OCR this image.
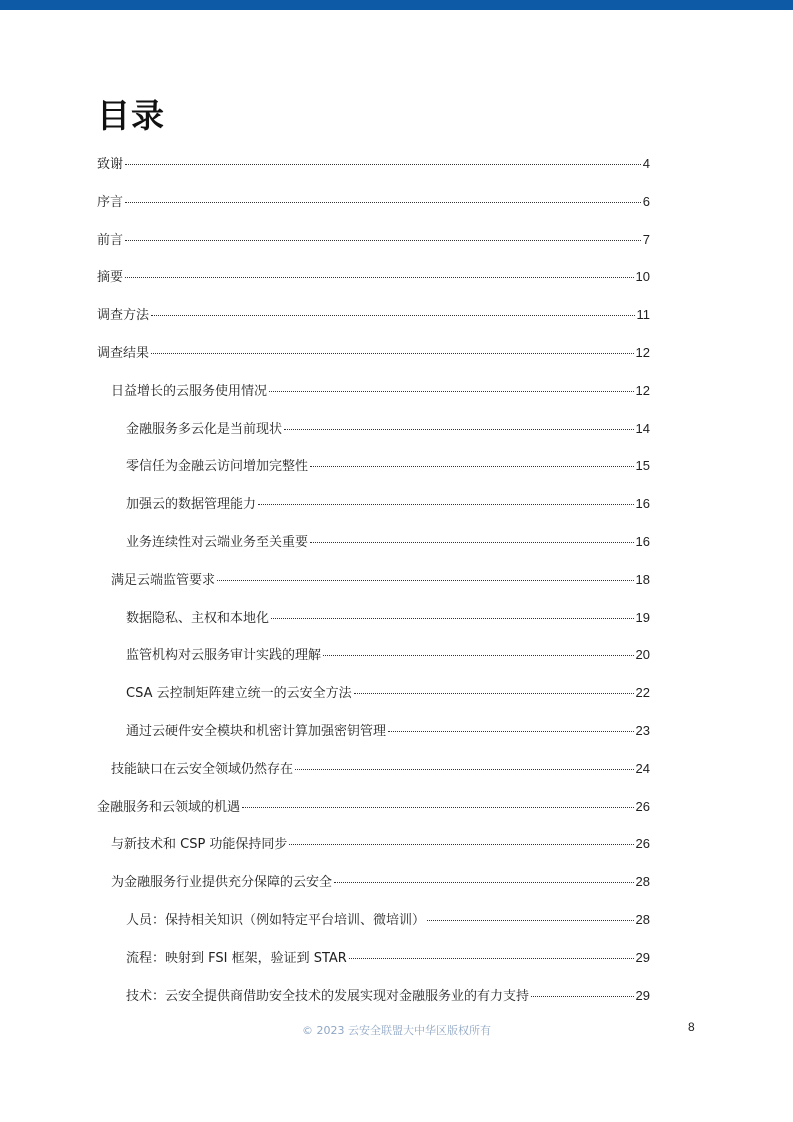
目录
致谢	4
序言	6
前言	7
摘要	10
调查方法	11
调查结果	12
日益增长的云服务使用情况	12
金融服务多云化是当前现状	14
零信任为金融云访问增加完整性	15
加强云的数据管理能力	16
业务连续性对云端业务至关重要	16
满足云端监管要求	18
数据隐私、主权和本地化	19
监管机构对云服务审计实践的理解	20
CSA 云控制矩阵建立统一的云安全方法	22
通过云硬件安全模块和机密计算加强密钥管理	23
技能缺口在云安全领域仍然存在	24
金融服务和云领域的机遇	26
与新技术和 CSP 功能保持同步	26
为金融服务行业提供充分保障的云安全	28
人员：保持相关知识（例如特定平台培训、微培训）	28
流程：映射到 FSI 框架，验证到 STAR	29
技术：云安全提供商借助安全技术的发展实现对金融服务业的有力支持	29
© 2023 云安全联盟大中华区版权所有	8
